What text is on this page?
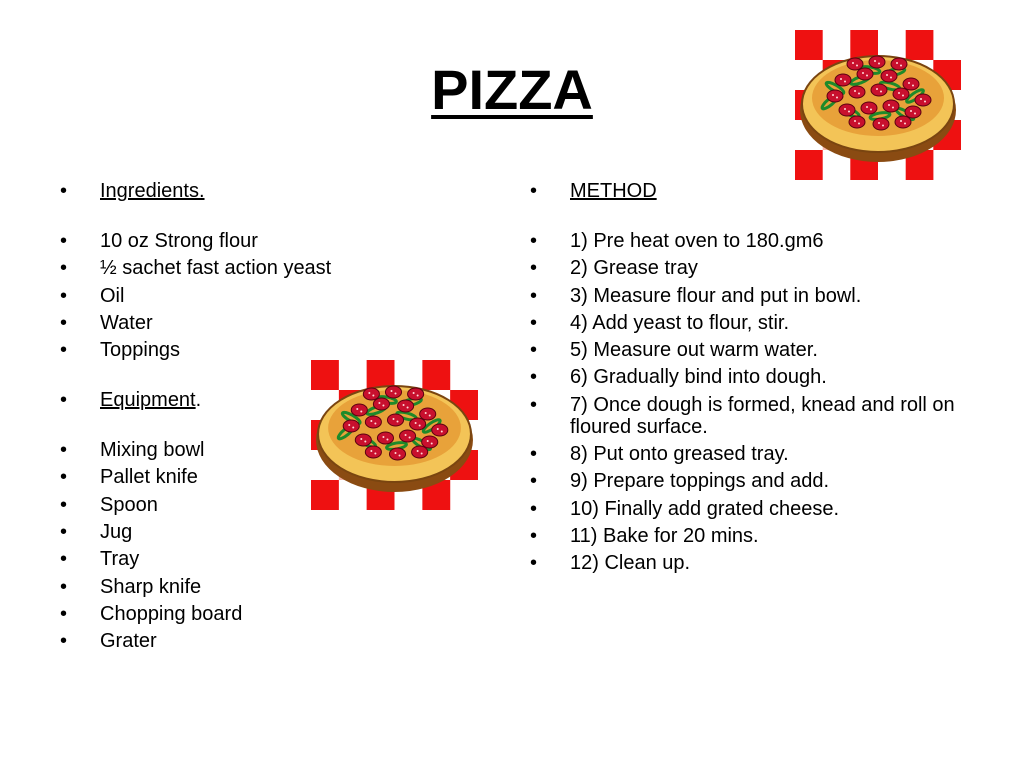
PIZZA
• Ingredients.
• 10 oz Strong flour
• ½ sachet fast action yeast
• Oil
• Water
• Toppings
• Equipment.
• Mixing bowl
• Pallet knife
• Spoon
• Jug
• Tray
• Sharp knife
• Chopping board
• Grater
• METHOD
• 1) Pre heat oven to 180.gm6
• 2) Grease tray
• 3) Measure flour and put in bowl.
• 4) Add yeast to flour, stir.
• 5) Measure out warm water.
• 6) Gradually bind into dough.
• 7) Once dough is formed, knead and roll on floured surface.
• 8) Put onto greased tray.
• 9) Prepare toppings and add.
• 10) Finally add grated cheese.
• 11) Bake for 20 mins.
• 12) Clean up.
